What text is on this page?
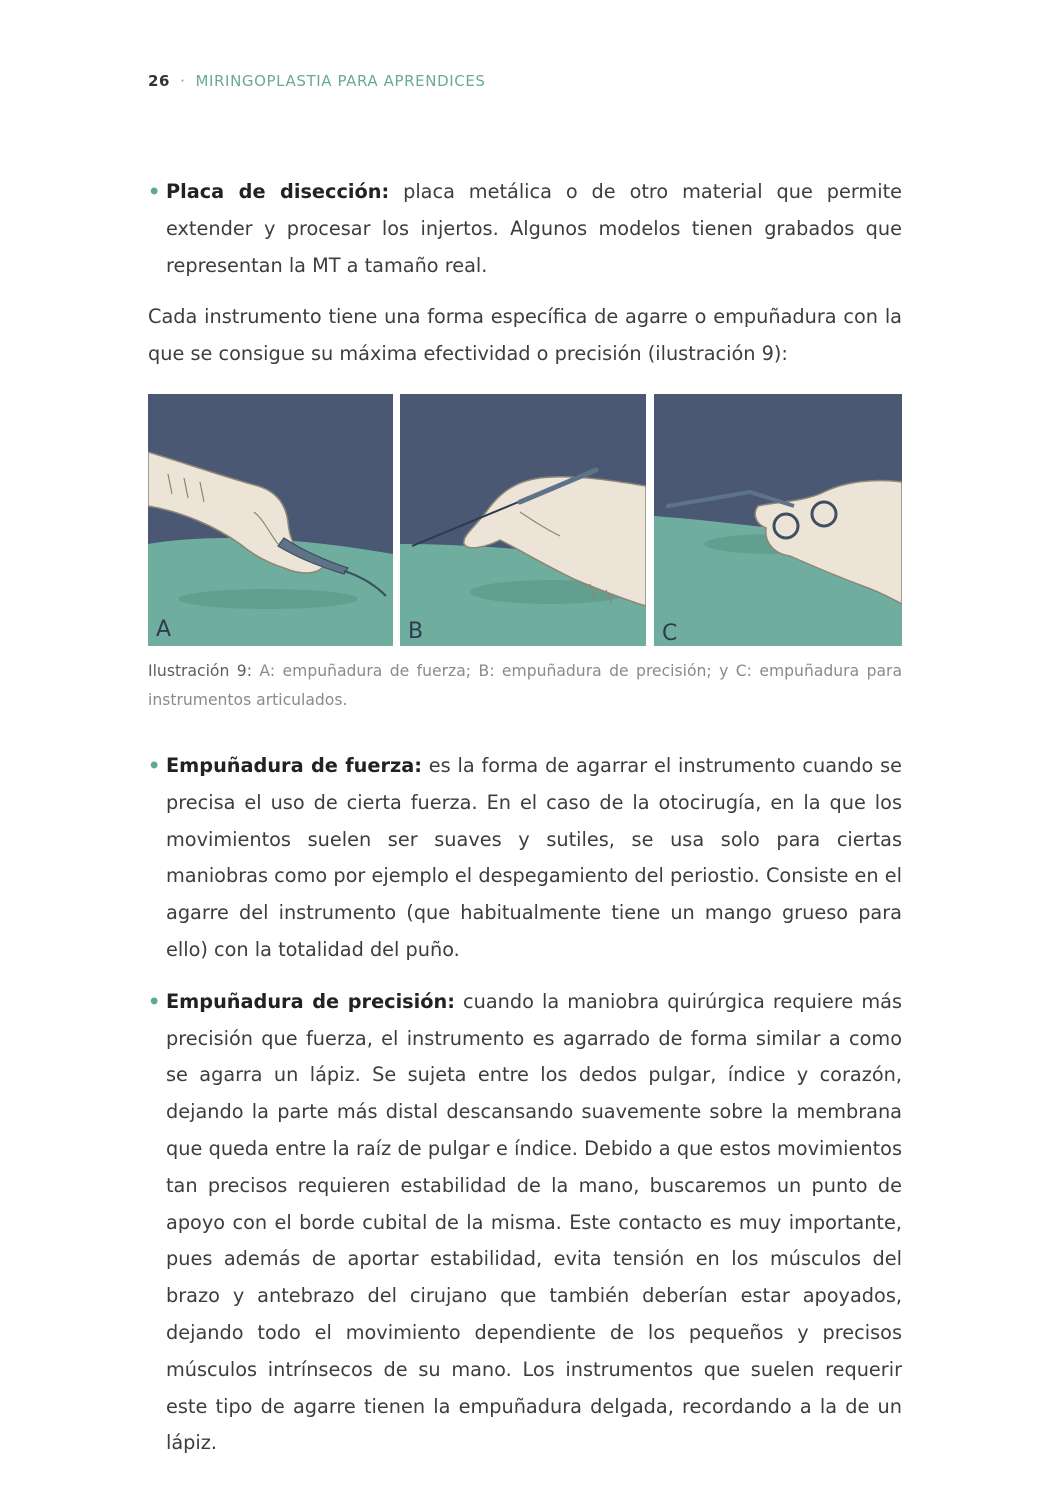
26 · MIRINGOPLASTIA PARA APRENDICES
• Placa de disección: placa metálica o de otro material que permite extender y procesar los injertos. Algunos modelos tienen grabados que representan la MT a tamaño real.
Cada instrumento tiene una forma específica de agarre o empuñadura con la que se consigue su máxima efectividad o precisión (ilustración 9):
A	B	C
Ilustración 9: A: empuñadura de fuerza; B: empuñadura de precisión; y C: empuñadura para instrumentos articulados.
• Empuñadura de fuerza: es la forma de agarrar el instrumento cuando se precisa el uso de cierta fuerza. En el caso de la otocirugía, en la que los movimientos suelen ser suaves y sutiles, se usa solo para ciertas maniobras como por ejemplo el despegamiento del periostio. Consiste en el agarre del instrumento (que habitualmente tiene un mango grueso para ello) con la totalidad del puño.
• Empuñadura de precisión: cuando la maniobra quirúrgica requiere más precisión que fuerza, el instrumento es agarrado de forma similar a como se agarra un lápiz. Se sujeta entre los dedos pulgar, índice y corazón, dejando la parte más distal descansando suavemente sobre la membrana que queda entre la raíz de pulgar e índice. Debido a que estos movimientos tan precisos requieren estabilidad de la mano, buscaremos un punto de apoyo con el borde cubital de la misma. Este contacto es muy importante, pues además de aportar estabilidad, evita tensión en los músculos del brazo y antebrazo del cirujano que también deberían estar apoyados, dejando todo el movimiento dependiente de los pequeños y precisos músculos intrínsecos de su mano. Los instrumentos que suelen requerir este tipo de agarre tienen la empuñadura delgada, recordando a la de un lápiz.
